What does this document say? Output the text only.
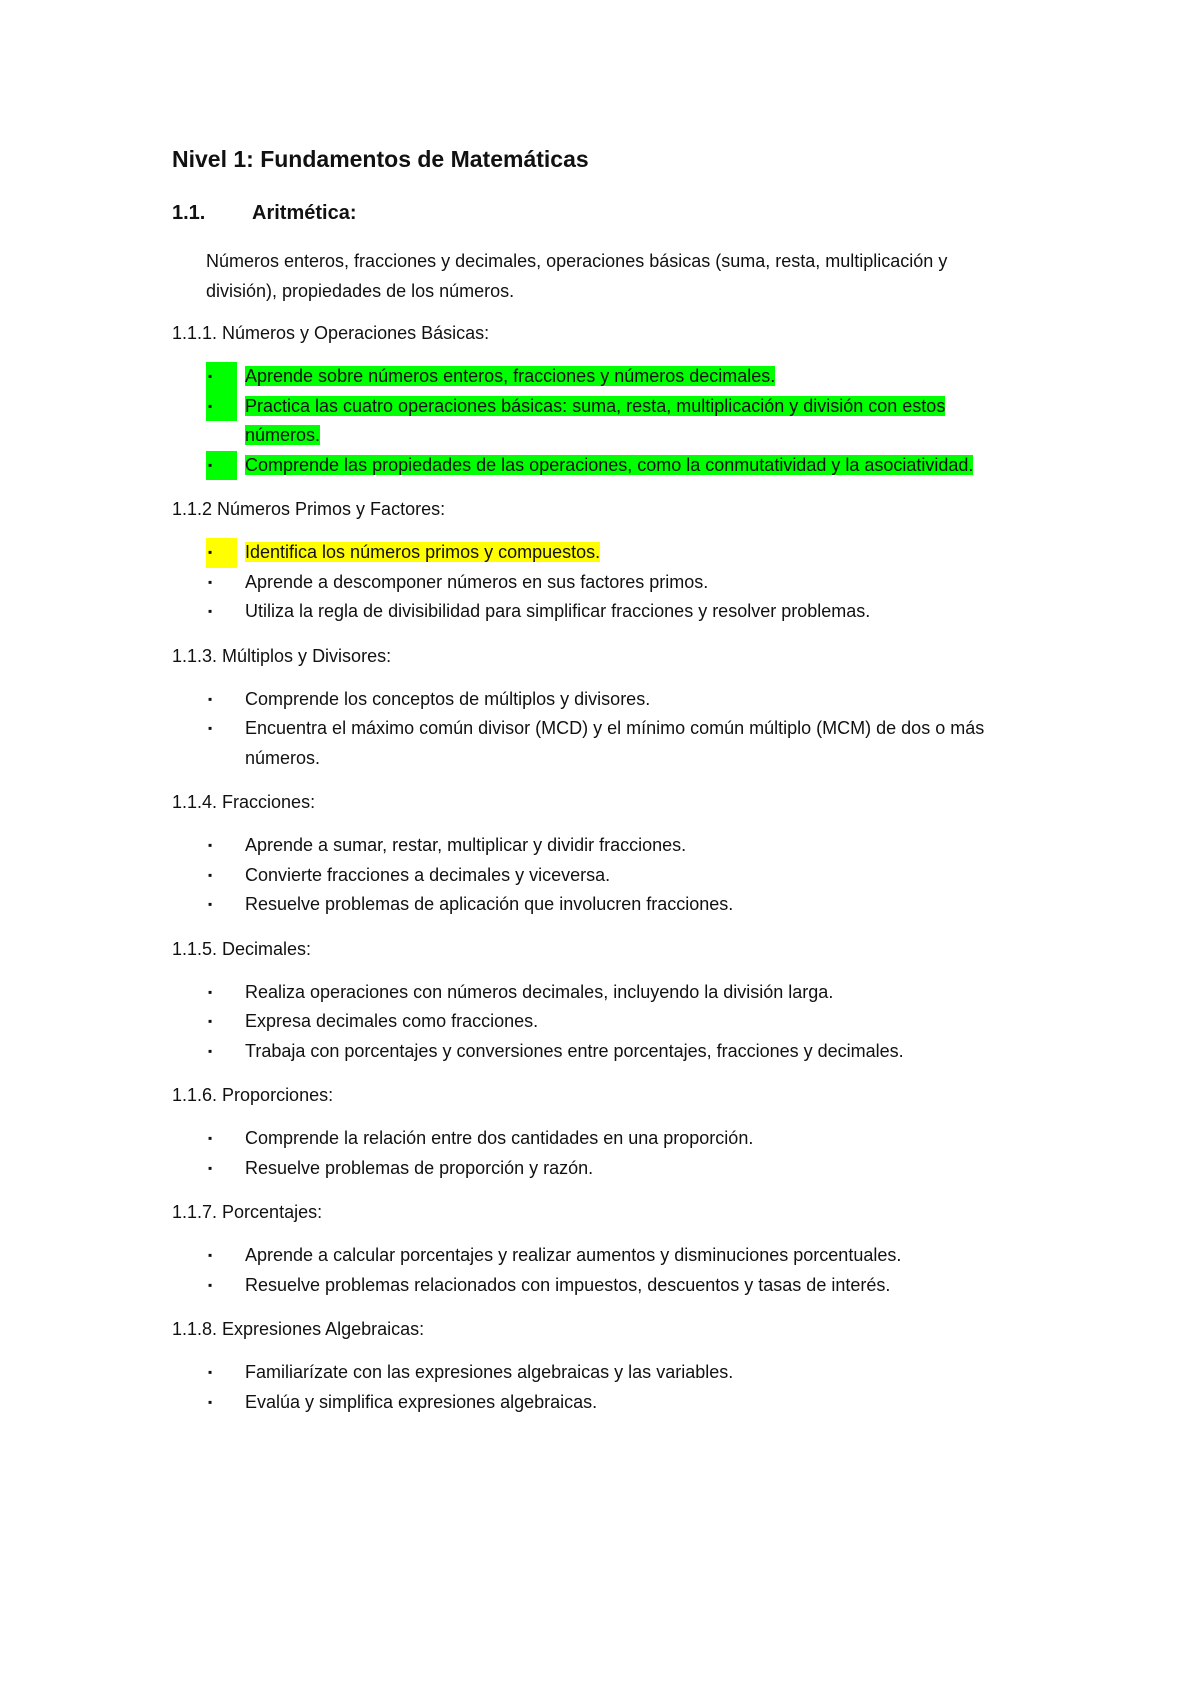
Nivel 1: Fundamentos de Matemáticas
1.1.	Aritmética:
Números enteros, fracciones y decimales, operaciones básicas (suma, resta, multiplicación y división), propiedades de los números.
1.1.1. Números y Operaciones Básicas:
▪	Aprende sobre números enteros, fracciones y números decimales.
▪	Practica las cuatro operaciones básicas: suma, resta, multiplicación y división con estos números.
▪	Comprende las propiedades de las operaciones, como la conmutatividad y la asociatividad.
1.1.2 Números Primos y Factores:
▪	Identifica los números primos y compuestos.
▪ Aprende a descomponer números en sus factores primos.
▪ Utiliza la regla de divisibilidad para simplificar fracciones y resolver problemas.
1.1.3. Múltiplos y Divisores:
▪ Comprende los conceptos de múltiplos y divisores.
▪ Encuentra el máximo común divisor (MCD) y el mínimo común múltiplo (MCM) de dos o más números.
1.1.4. Fracciones:
▪ Aprende a sumar, restar, multiplicar y dividir fracciones.
▪ Convierte fracciones a decimales y viceversa.
▪ Resuelve problemas de aplicación que involucren fracciones.
1.1.5. Decimales:
▪ Realiza operaciones con números decimales, incluyendo la división larga.
▪ Expresa decimales como fracciones.
▪ Trabaja con porcentajes y conversiones entre porcentajes, fracciones y decimales.
1.1.6. Proporciones:
▪ Comprende la relación entre dos cantidades en una proporción.
▪ Resuelve problemas de proporción y razón.
1.1.7. Porcentajes:
▪ Aprende a calcular porcentajes y realizar aumentos y disminuciones porcentuales.
▪ Resuelve problemas relacionados con impuestos, descuentos y tasas de interés.
1.1.8. Expresiones Algebraicas:
▪ Familiarízate con las expresiones algebraicas y las variables.
▪ Evalúa y simplifica expresiones algebraicas.
